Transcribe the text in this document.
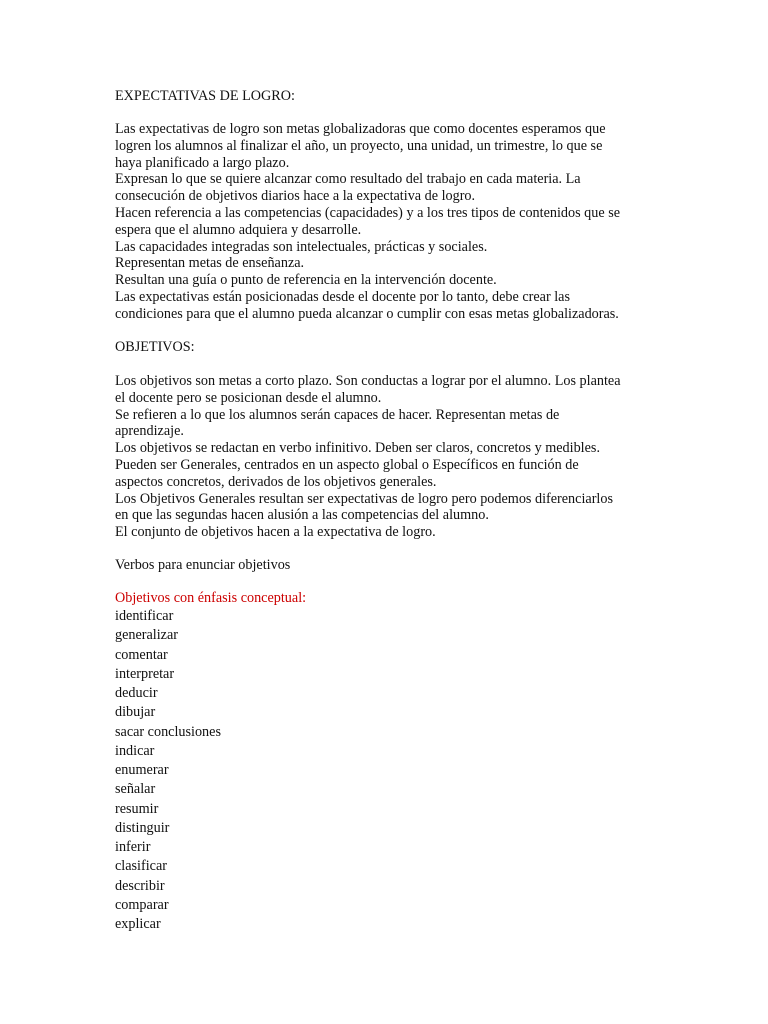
EXPECTATIVAS DE LOGRO:
Las expectativas de logro son metas globalizadoras que como docentes esperamos que
logren los alumnos al finalizar el año, un proyecto, una unidad, un trimestre, lo que se
haya planificado a largo plazo.
Expresan lo que se quiere alcanzar como resultado del trabajo en cada materia. La
consecución de objetivos diarios hace a la expectativa de logro.
Hacen referencia a las competencias (capacidades) y a los tres tipos de contenidos que se
espera que el alumno adquiera y desarrolle.
Las capacidades integradas son intelectuales, prácticas y sociales.
Representan metas de enseñanza.
Resultan una guía o punto de referencia en la intervención docente.
Las expectativas están posicionadas desde el docente por lo tanto, debe crear las
condiciones para que el alumno pueda alcanzar o cumplir con esas metas globalizadoras.
OBJETIVOS:
Los objetivos son metas a corto plazo. Son conductas a lograr por el alumno. Los plantea
el docente pero se posicionan desde el alumno.
Se refieren a lo que los alumnos serán capaces de hacer. Representan metas de
aprendizaje.
Los objetivos se redactan en verbo infinitivo. Deben ser claros, concretos y medibles.
Pueden ser Generales, centrados en un aspecto global o Específicos en función de
aspectos concretos, derivados de los objetivos generales.
Los Objetivos Generales resultan ser expectativas de logro pero podemos diferenciarlos
en que las segundas hacen alusión a las competencias del alumno.
El conjunto de objetivos hacen a la expectativa de logro.
Verbos para enunciar objetivos
Objetivos con énfasis conceptual:
identificar
generalizar
comentar
interpretar
deducir
dibujar
sacar conclusiones
indicar
enumerar
señalar
resumir
distinguir
inferir
clasificar
describir
comparar
explicar
